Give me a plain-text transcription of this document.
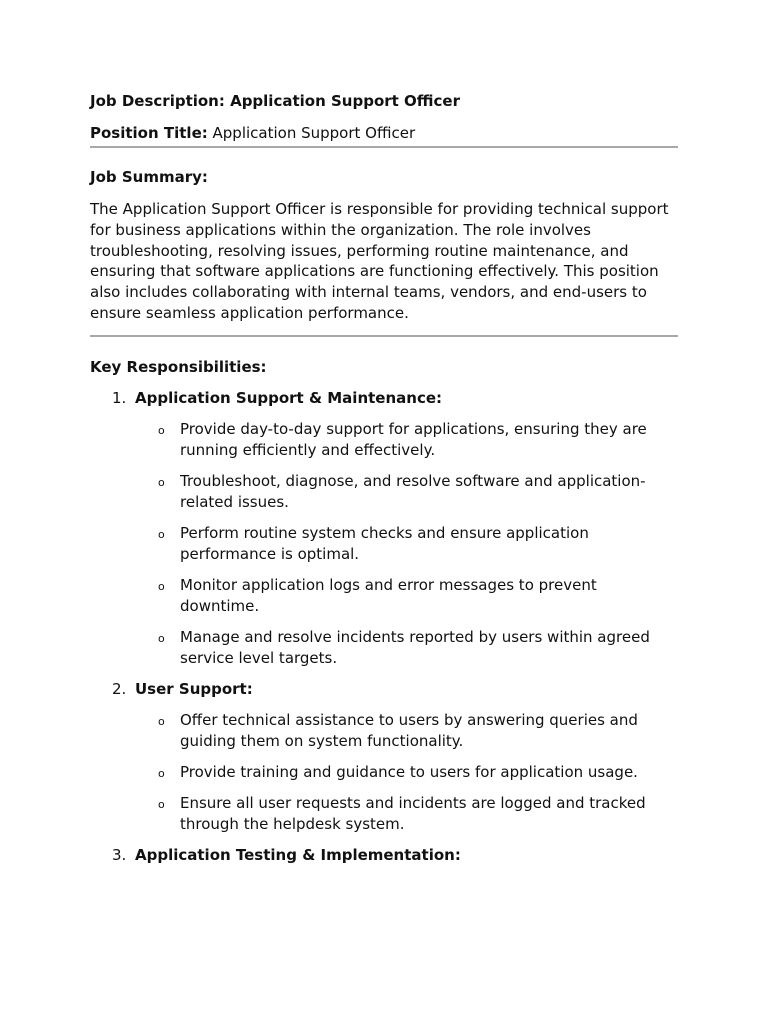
Job Description: Application Support Officer

Position Title: Application Support Officer

Job Summary:

The Application Support Officer is responsible for providing technical support for business applications within the organization. The role involves troubleshooting, resolving issues, performing routine maintenance, and ensuring that software applications are functioning effectively. This position also includes collaborating with internal teams, vendors, and end-users to ensure seamless application performance.

Key Responsibilities:

1. Application Support & Maintenance:
o Provide day-to-day support for applications, ensuring they are running efficiently and effectively.
o Troubleshoot, diagnose, and resolve software and application-related issues.
o Perform routine system checks and ensure application performance is optimal.
o Monitor application logs and error messages to prevent downtime.
o Manage and resolve incidents reported by users within agreed service level targets.
2. User Support:
o Offer technical assistance to users by answering queries and guiding them on system functionality.
o Provide training and guidance to users for application usage.
o Ensure all user requests and incidents are logged and tracked through the helpdesk system.
3. Application Testing & Implementation:
